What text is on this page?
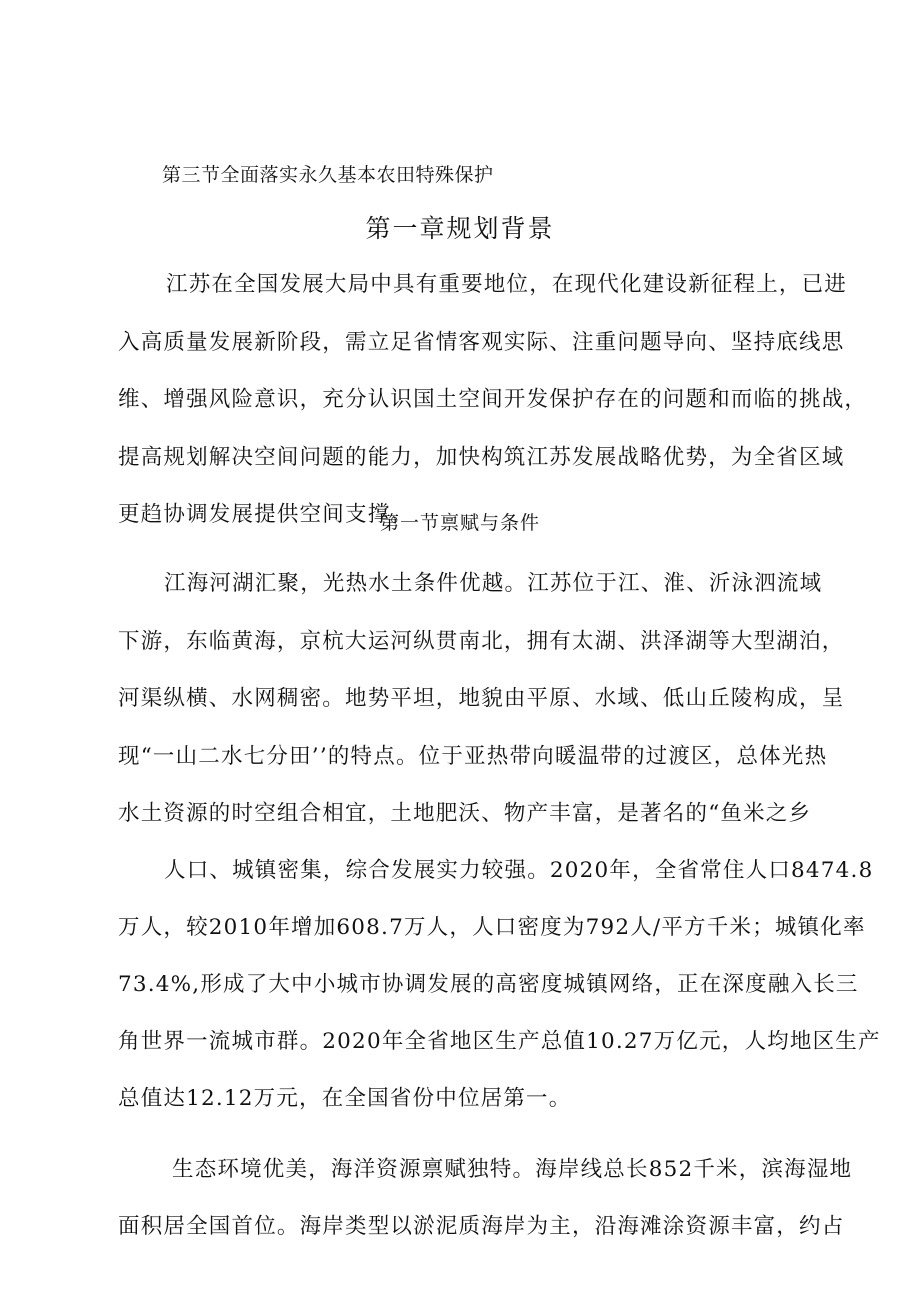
第三节全面落实永久基本农田特殊保护
第一章规划背景
江苏在全国发展大局中具有重要地位，在现代化建设新征程上，已进
入高质量发展新阶段，需立足省情客观实际、注重问题导向、坚持底线思
维、增强风险意识，充分认识国土空间开发保护存在的问题和而临的挑战，
提高规划解决空间问题的能力，加快构筑江苏发展战略优势，为全省区域
更趋协调发展提供空间支撑。
第一节禀赋与条件
江海河湖汇聚，光热水土条件优越。江苏位于江、淮、沂泳泗流域
下游，东临黄海，京杭大运河纵贯南北，拥有太湖、洪泽湖等大型湖泊，
河渠纵横、水网稠密。地势平坦，地貌由平原、水域、低山丘陵构成，呈
现“一山二水七分田’’的特点。位于亚热带向暖温带的过渡区，总体光热
水土资源的时空组合相宜，土地肥沃、物产丰富，是著名的“鱼米之乡
人口、城镇密集，综合发展实力较强。2020年，全省常住人口8474.8
万人，较2010年增加608.7万人，人口密度为792人/平方千米；城镇化率
73.4%,形成了大中小城市协调发展的高密度城镇网络，正在深度融入长三
角世界一流城市群。2020年全省地区生产总值10.27万亿元，人均地区生产
总值达12.12万元，在全国省份中位居第一。
生态环境优美，海洋资源禀赋独特。海岸线总长852千米，滨海湿地
面积居全国首位。海岸类型以淤泥质海岸为主，沿海滩涂资源丰富，约占
